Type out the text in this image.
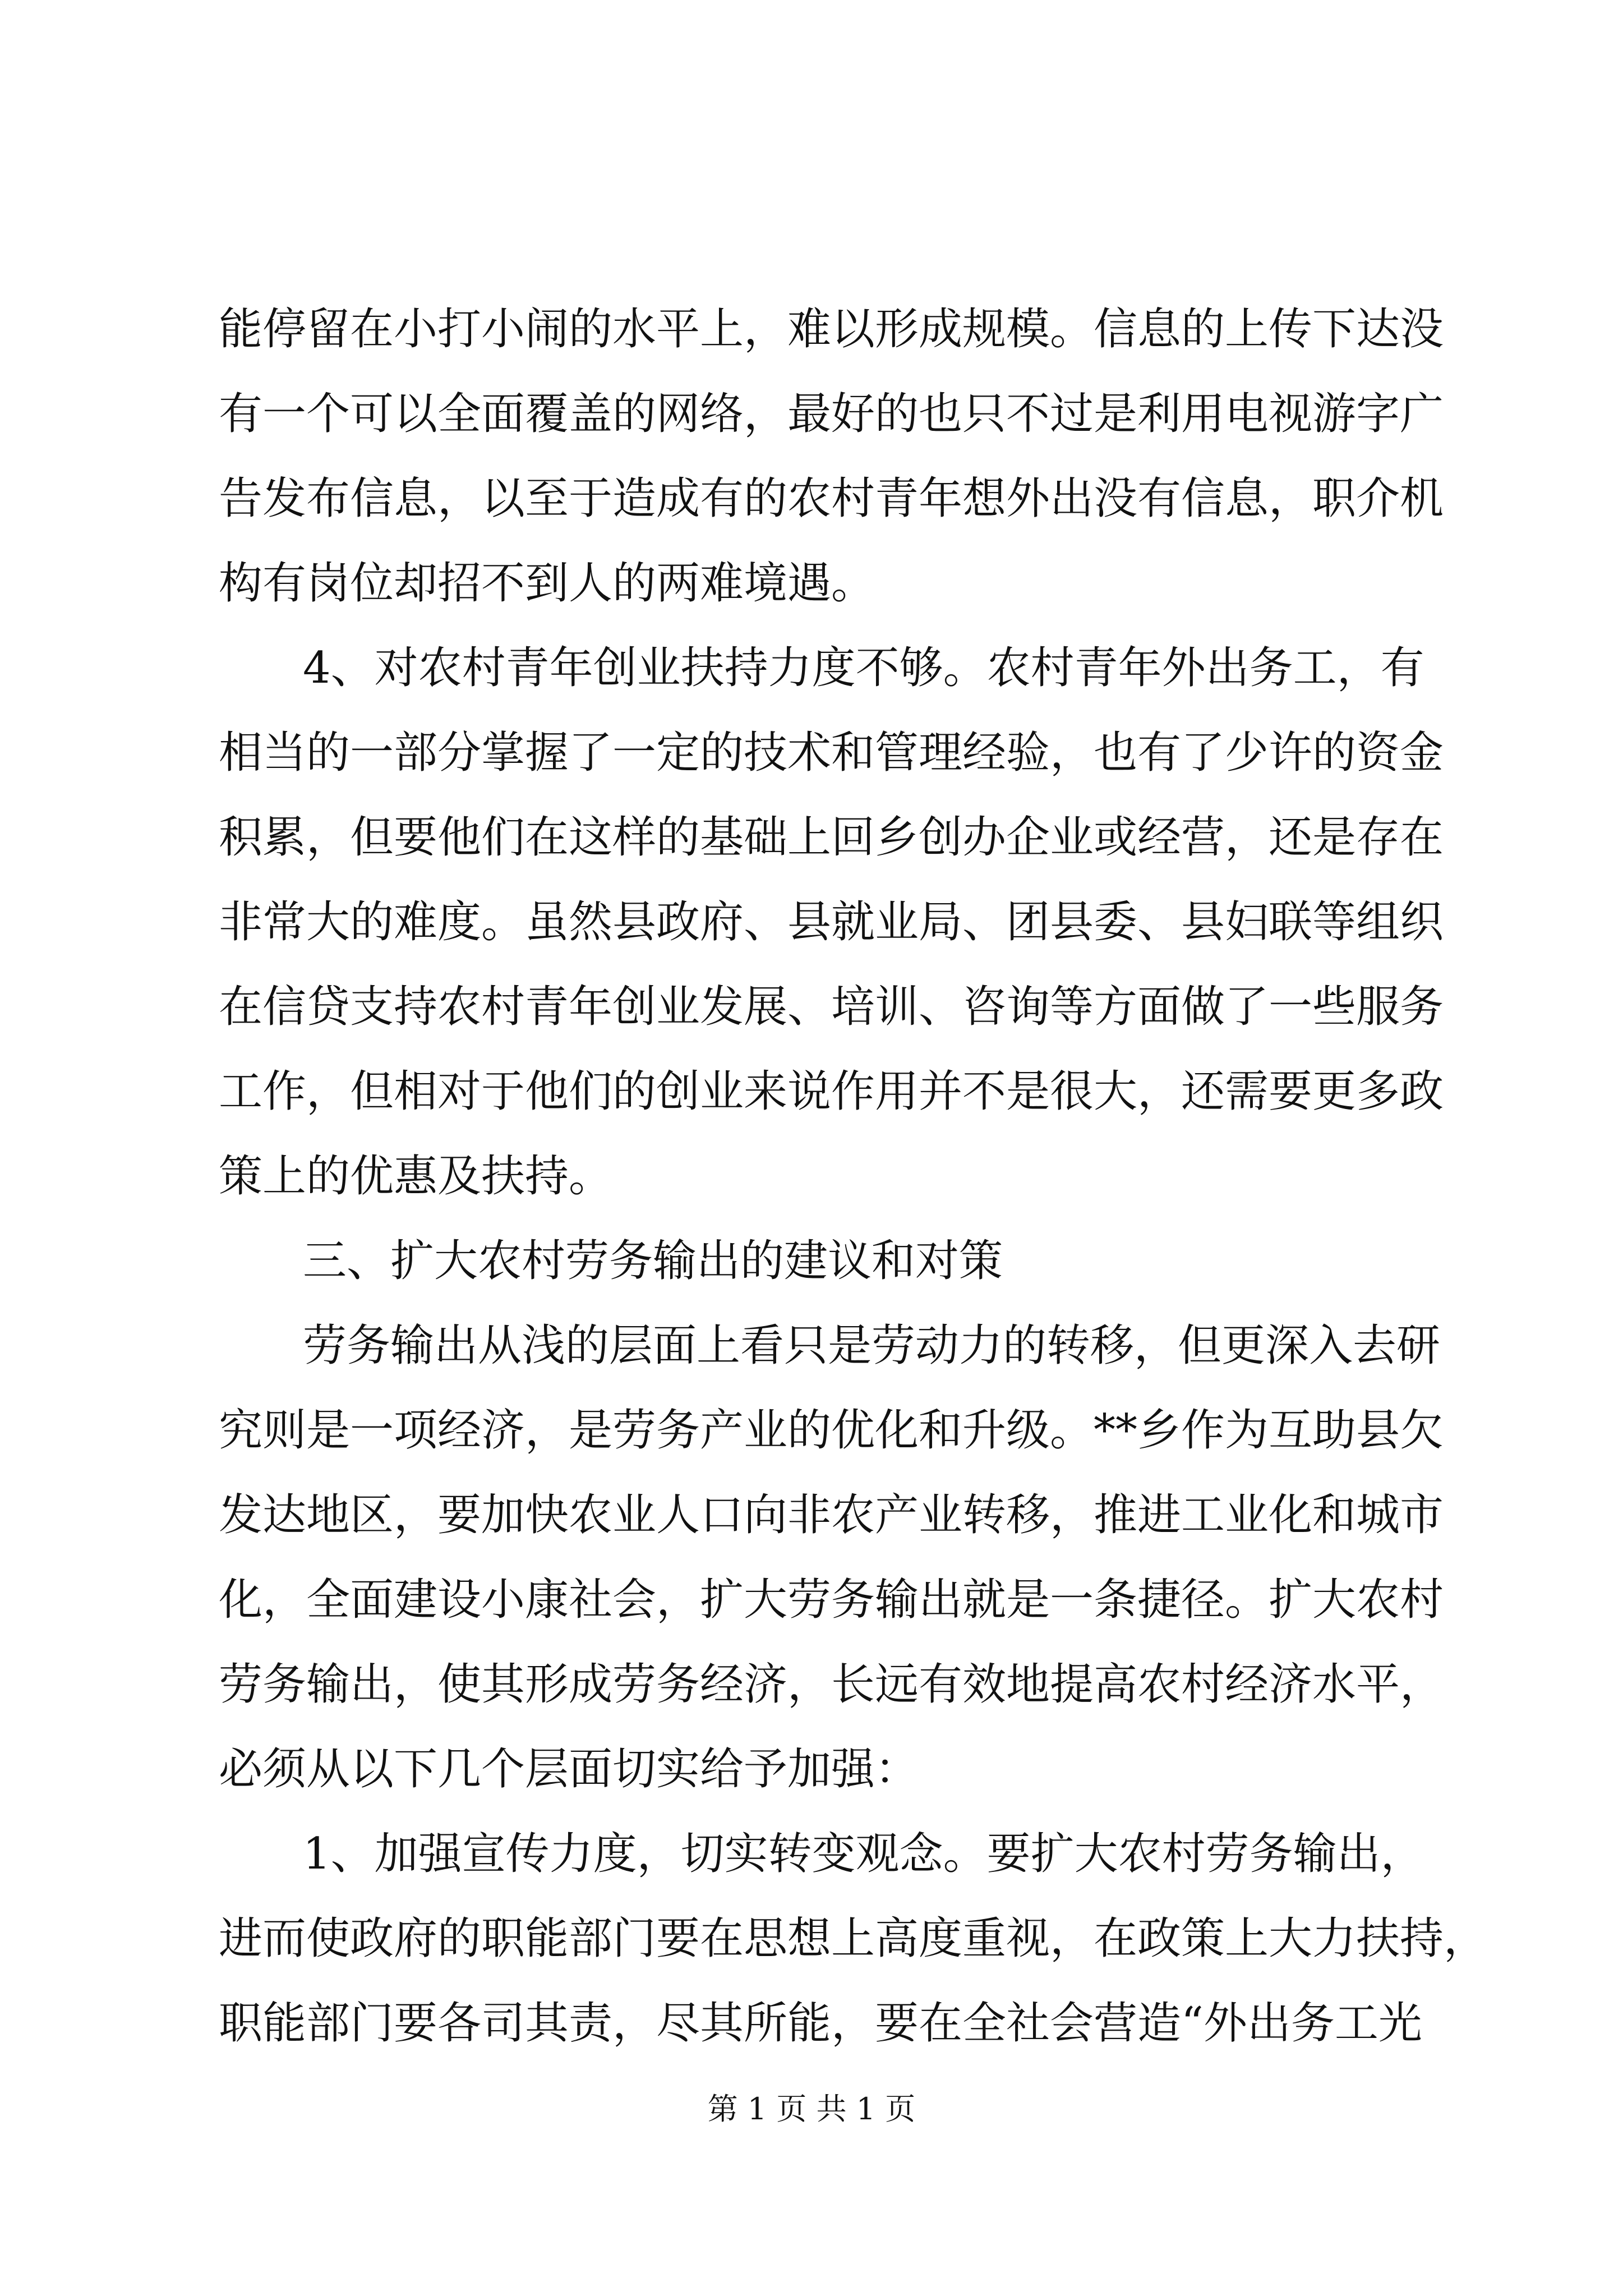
能停留在小打小闹的水平上，难以形成规模。信息的上传下达没
有一个可以全面覆盖的网络，最好的也只不过是利用电视游字广
告发布信息，以至于造成有的农村青年想外出没有信息，职介机
构有岗位却招不到人的两难境遇。
4、对农村青年创业扶持力度不够。农村青年外出务工，有
相当的一部分掌握了一定的技术和管理经验，也有了少许的资金
积累，但要他们在这样的基础上回乡创办企业或经营，还是存在
非常大的难度。虽然县政府、县就业局、团县委、县妇联等组织
在信贷支持农村青年创业发展、培训、咨询等方面做了一些服务
工作，但相对于他们的创业来说作用并不是很大，还需要更多政
策上的优惠及扶持。
三、扩大农村劳务输出的建议和对策
劳务输出从浅的层面上看只是劳动力的转移，但更深入去研
究则是一项经济，是劳务产业的优化和升级。**乡作为互助县欠
发达地区，要加快农业人口向非农产业转移，推进工业化和城市
化，全面建设小康社会，扩大劳务输出就是一条捷径。扩大农村
劳务输出，使其形成劳务经济，长远有效地提高农村经济水平，
必须从以下几个层面切实给予加强：
1、加强宣传力度，切实转变观念。要扩大农村劳务输出，
进而使政府的职能部门要在思想上高度重视，在政策上大力扶持，
职能部门要各司其责，尽其所能，要在全社会营造“外出务工光
第 1 页 共 1 页
